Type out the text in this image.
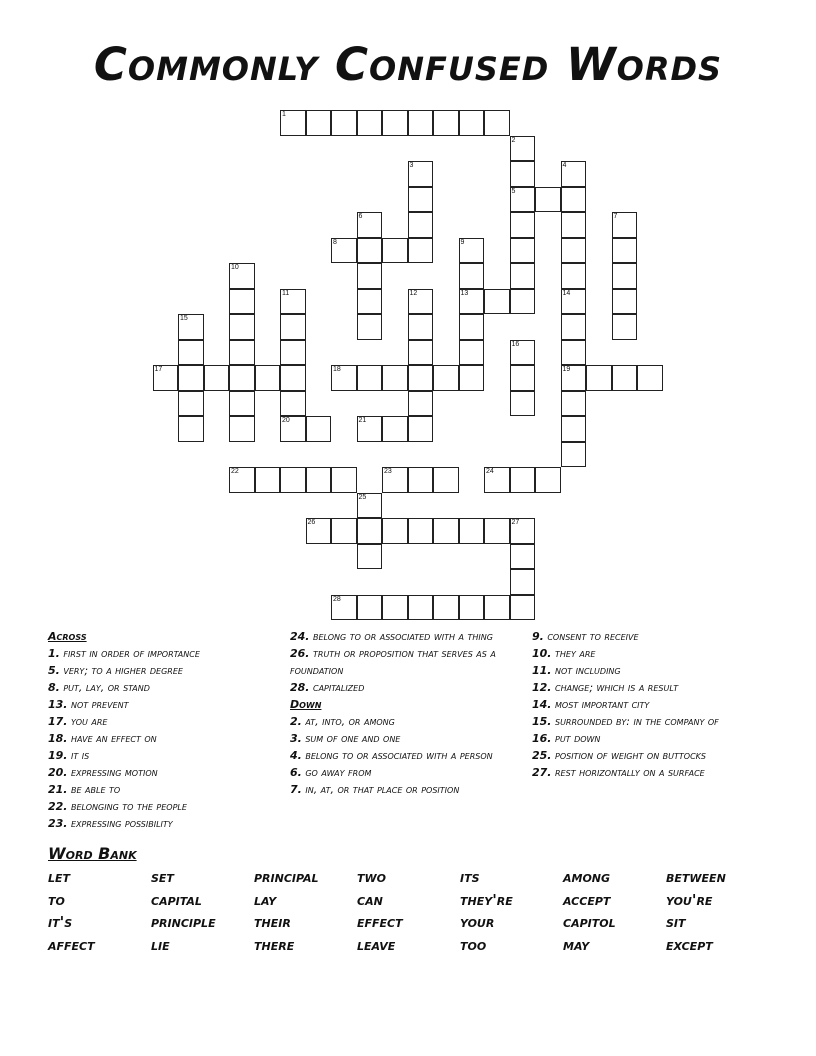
Commonly Confused Words
1
2
5
3	4
6	7
8	9
13
10
11	12	14
19
15
16
17	18
20	21
22	23	24
25
26	27
28
Across
1. first in order of importance
5. very; to a higher degree
8. put, lay, or stand
13. not prevent
17. you are
18. have an effect on
19. it is
20. expressing motion
21. be able to
22. belonging to the people
23. expressing possibility
24. belong to or associated with a thing
26. truth or proposition that serves as a foundation
28. capitalized
Down
2. at, into, or among
3. sum of one and one
4. belong to or associated with a person
6. go away from
7. in, at, or that place or position
9. consent to receive
10. they are
11. not including
12. change; which is a result
14. most important city
15. surrounded by: in the company of
16. put down
25. position of weight on buttocks
27. rest horizontally on a surface
Word Bank
let	set	principal	two	its	among	between
to	capital	lay	can	they're	accept	you're
it's	principle	their	effect	your	capitol	sit
affect	lie	there	leave	too	may	except
